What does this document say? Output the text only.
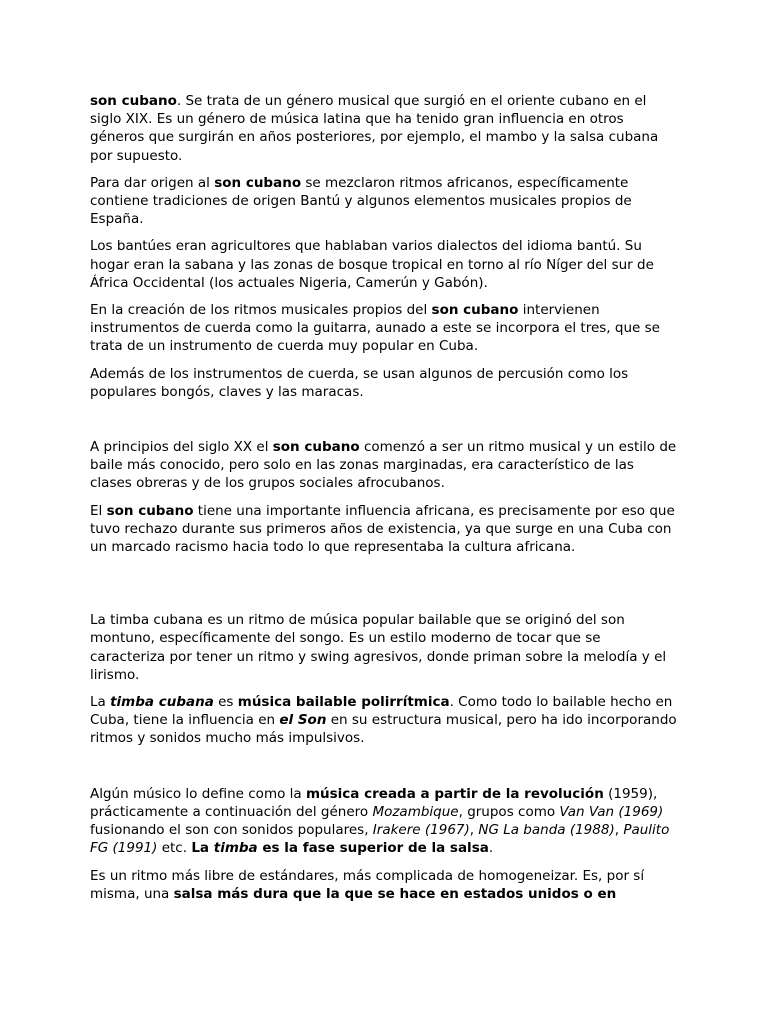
son cubano. Se trata de un género musical que surgió en el oriente cubano en el siglo XIX. Es un género de música latina que ha tenido gran influencia en otros géneros que surgirán en años posteriores, por ejemplo, el mambo y la salsa cubana por supuesto.

Para dar origen al son cubano se mezclaron ritmos africanos, específicamente contiene tradiciones de origen Bantú y algunos elementos musicales propios de España.

Los bantúes eran agricultores que hablaban varios dialectos del idioma bantú. Su hogar eran la sabana y las zonas de bosque tropical en torno al río Níger del sur de África Occidental (los actuales Nigeria, Camerún y Gabón).

En la creación de los ritmos musicales propios del son cubano intervienen instrumentos de cuerda como la guitarra, aunado a este se incorpora el tres, que se trata de un instrumento de cuerda muy popular en Cuba.

Además de los instrumentos de cuerda, se usan algunos de percusión como los populares bongós, claves y las maracas.

A principios del siglo XX el son cubano comenzó a ser un ritmo musical y un estilo de baile más conocido, pero solo en las zonas marginadas, era característico de las clases obreras y de los grupos sociales afrocubanos.

El son cubano tiene una importante influencia africana, es precisamente por eso que tuvo rechazo durante sus primeros años de existencia, ya que surge en una Cuba con un marcado racismo hacia todo lo que representaba la cultura africana.

La timba cubana es un ritmo de música popular bailable que se originó del son montuno, específicamente del songo. Es un estilo moderno de tocar que se caracteriza por tener un ritmo y swing agresivos, donde priman sobre la melodía y el lirismo.

La timba cubana es música bailable polirrítmica. Como todo lo bailable hecho en Cuba, tiene la influencia en el Son en su estructura musical, pero ha ido incorporando ritmos y sonidos mucho más impulsivos.

Algún músico lo define como la música creada a partir de la revolución (1959), prácticamente a continuación del género Mozambique, grupos como Van Van (1969) fusionando el son con sonidos populares, Irakere (1967), NG La banda (1988), Paulito FG (1991) etc. La timba es la fase superior de la salsa.

Es un ritmo más libre de estándares, más complicada de homogeneizar. Es, por sí misma, una salsa más dura que la que se hace en estados unidos o en
